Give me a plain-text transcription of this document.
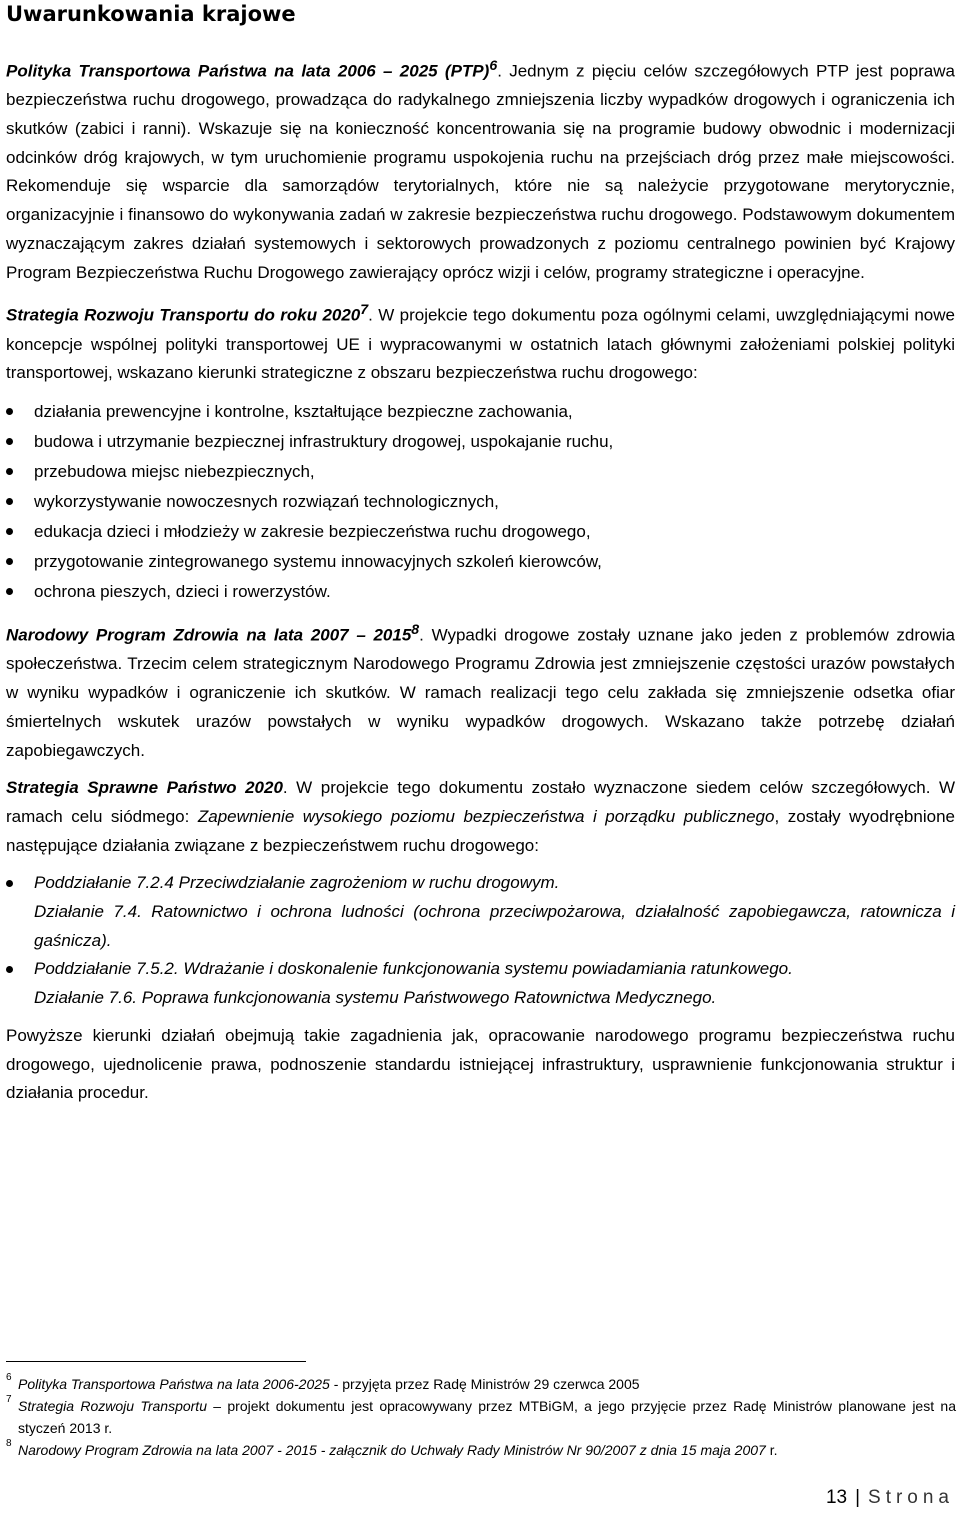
Uwarunkowania krajowe

Polityka Transportowa Państwa na lata 2006 – 2025 (PTP)$^6$. Jednym z pięciu celów szczegółowych PTP jest poprawa bezpieczeństwa ruchu drogowego, prowadząca do radykalnego zmniejszenia liczby wypadków drogowych i ograniczenia ich skutków (zabici i ranni). Wskazuje się na konieczność koncentrowania się na programie budowy obwodnic i modernizacji odcinków dróg krajowych, w tym uruchomienie programu uspokojenia ruchu na przejściach dróg przez małe miejscowości. Rekomenduje się wsparcie dla samorządów terytorialnych, które nie są należycie przygotowane merytorycznie, organizacyjnie i finansowo do wykonywania zadań w zakresie bezpieczeństwa ruchu drogowego. Podstawowym dokumentem wyznaczającym zakres działań systemowych i sektorowych prowadzonych z poziomu centralnego powinien być Krajowy Program Bezpieczeństwa Ruchu Drogowego zawierający oprócz wizji i celów, programy strategiczne i operacyjne.

Strategia Rozwoju Transportu do roku 2020$^7$. W projekcie tego dokumentu poza ogólnymi celami, uwzględniającymi nowe koncepcje wspólnej polityki transportowej UE i wypracowanymi w ostatnich latach głównymi założeniami polskiej polityki transportowej, wskazano kierunki strategiczne z obszaru bezpieczeństwa ruchu drogowego:

działania prewencyjne i kontrolne, kształtujące bezpieczne zachowania,
budowa i utrzymanie bezpiecznej infrastruktury drogowej, uspokajanie ruchu,
przebudowa miejsc niebezpiecznych,
wykorzystywanie nowoczesnych rozwiązań technologicznych,
edukacja dzieci i młodzieży w zakresie bezpieczeństwa ruchu drogowego,
przygotowanie zintegrowanego systemu innowacyjnych szkoleń kierowców,
ochrona pieszych, dzieci i rowerzystów.

Narodowy Program Zdrowia na lata 2007 – 2015$^8$. Wypadki drogowe zostały uznane jako jeden z problemów zdrowia społeczeństwa. Trzecim celem strategicznym Narodowego Programu Zdrowia jest zmniejszenie częstości urazów powstałych w wyniku wypadków i ograniczenie ich skutków. W ramach realizacji tego celu zakłada się zmniejszenie odsetka ofiar śmiertelnych wskutek urazów powstałych w wyniku wypadków drogowych. Wskazano także potrzebę działań zapobiegawczych.

Strategia Sprawne Państwo 2020. W projekcie tego dokumentu zostało wyznaczone siedem celów szczegółowych. W ramach celu siódmego: Zapewnienie wysokiego poziomu bezpieczeństwa i porządku publicznego, zostały wyodrębnione następujące działania związane z bezpieczeństwem ruchu drogowego:

Poddziałanie 7.2.4 Przeciwdziałanie zagrożeniom w ruchu drogowym.
Działanie 7.4. Ratownictwo i ochrona ludności (ochrona przeciwpożarowa, działalność zapobiegawcza, ratownicza i gaśnicza).
Poddziałanie 7.5.2. Wdrażanie i doskonalenie funkcjonowania systemu powiadamiania ratunkowego.
Działanie 7.6. Poprawa funkcjonowania systemu Państwowego Ratownictwa Medycznego.

Powyższe kierunki działań obejmują takie zagadnienia jak, opracowanie narodowego programu bezpieczeństwa ruchu drogowego, ujednolicenie prawa, podnoszenie standardu istniejącej infrastruktury, usprawnienie funkcjonowania struktur i działania procedur.

6 Polityka Transportowa Państwa na lata 2006-2025 - przyjęta przez Radę Ministrów 29 czerwca 2005

7 Strategia Rozwoju Transportu – projekt dokumentu jest opracowywany przez MTBiGM, a jego przyjęcie przez Radę Ministrów planowane jest na styczeń 2013 r.

8 Narodowy Program Zdrowia na lata 2007 - 2015 - załącznik do Uchwały Rady Ministrów Nr 90/2007 z dnia 15 maja 2007 r.

13 | Strona
